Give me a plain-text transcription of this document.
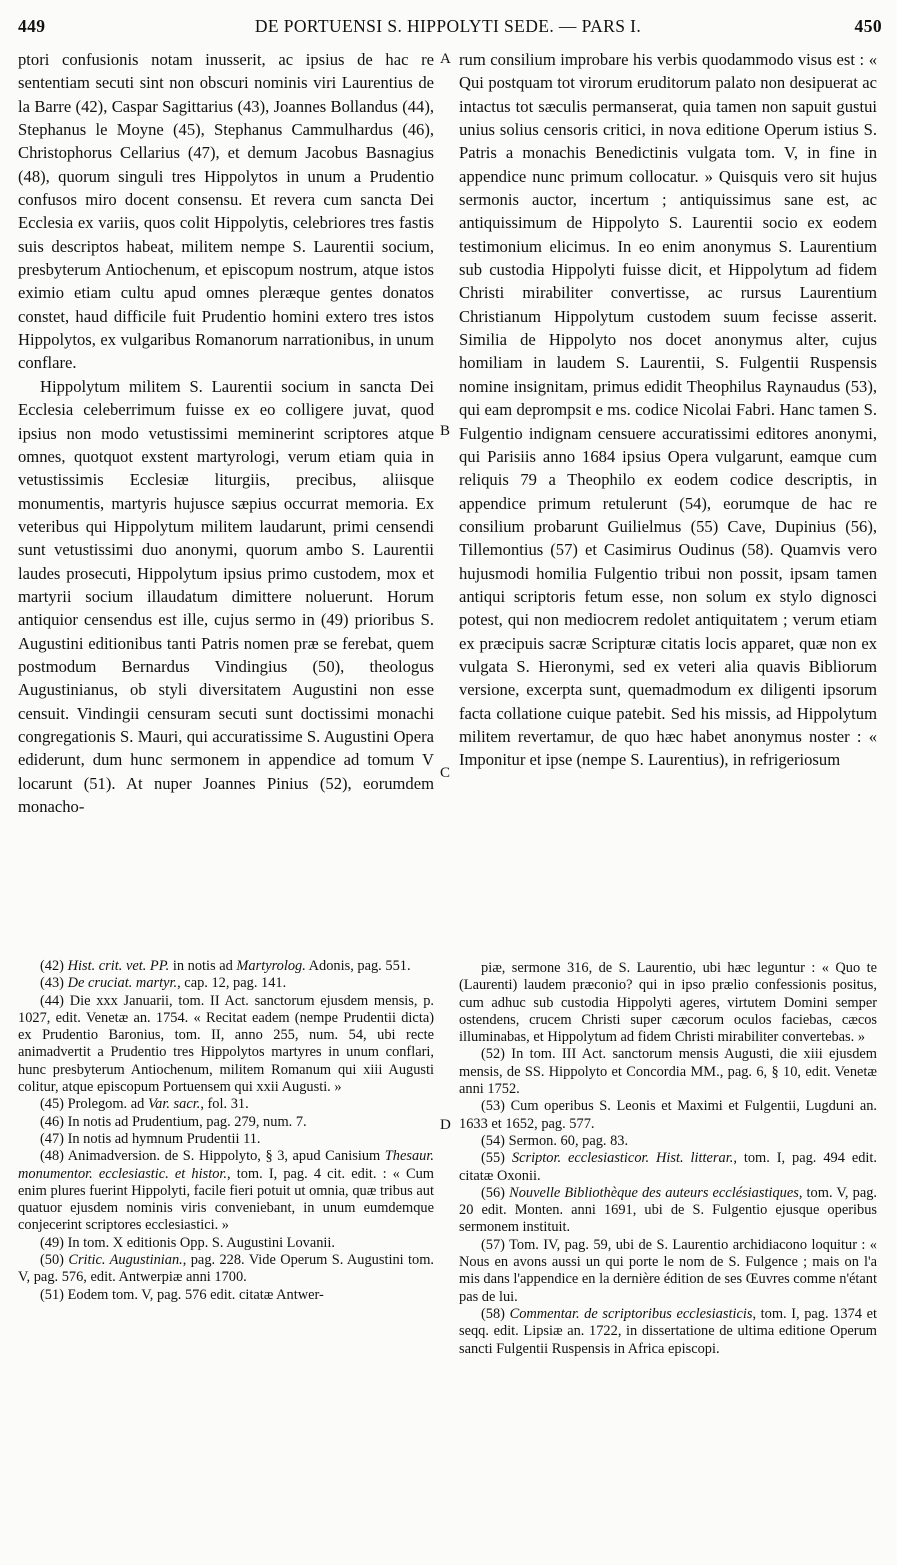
449	DE PORTUENSI S. HIPPOLYTI SEDE. — PARS I.	450
A
B
C
D

ptori confusionis notam inusserit, ac ipsius de hac re sententiam secuti sint non obscuri nominis viri Laurentius de la Barre (42), Caspar Sagittarius (43), Joannes Bollandus (44), Stephanus le Moyne (45), Stephanus Cammulhardus (46), Christophorus Cellarius (47), et demum Jacobus Basnagius (48), quorum singuli tres Hippolytos in unum a Prudentio confusos miro docent consensu. Et revera cum sancta Dei Ecclesia ex variis, quos colit Hippolytis, celebriores tres fastis suis descriptos habeat, militem nempe S. Laurentii socium, presbyterum Antiochenum, et episcopum nostrum, atque istos eximio etiam cultu apud omnes pleræque gentes donatos constet, haud difficile fuit Prudentio homini extero tres istos Hippolytos, ex vulgaribus Romanorum narrationibus, in unum conflare.

Hippolytum militem S. Laurentii socium in sancta Dei Ecclesia celeberrimum fuisse ex eo colligere juvat, quod ipsius non modo vetustissimi meminerint scriptores atque omnes, quotquot exstent martyrologi, verum etiam quia in vetustissimis Ecclesiæ liturgiis, precibus, aliisque monumentis, martyris hujusce sæpius occurrat memoria. Ex veteribus qui Hippolytum militem laudarunt, primi censendi sunt vetustissimi duo anonymi, quorum ambo S. Laurentii laudes prosecuti, Hippolytum ipsius primo custodem, mox et martyrii socium illaudatum dimittere noluerunt. Horum antiquior censendus est ille, cujus sermo in (49) prioribus S. Augustini editionibus tanti Patris nomen præ se ferebat, quem postmodum Bernardus Vindingius (50), theologus Augustinianus, ob styli diversitatem Augustini non esse censuit. Vindingii censuram secuti sunt doctissimi monachi congregationis S. Mauri, qui accuratissime S. Augustini Opera ediderunt, dum hunc sermonem in appendice ad tomum V locarunt (51). At nuper Joannes Pinius (52), eorumdem monacho-

rum consilium improbare his verbis quodammodo visus est : « Qui postquam tot virorum eruditorum palato non desipuerat ac intactus tot sæculis permanserat, quia tamen non sapuit gustui unius solius censoris critici, in nova editione Operum istius S. Patris a monachis Benedictinis vulgata tom. V, in fine in appendice nunc primum collocatur. » Quisquis vero sit hujus sermonis auctor, incertum ; antiquissimus sane est, ac antiquissimum de Hippolyto S. Laurentii socio ex eodem testimonium elicimus. In eo enim anonymus S. Laurentium sub custodia Hippolyti fuisse dicit, et Hippolytum ad fidem Christi mirabiliter convertisse, ac rursus Laurentium Christianum Hippolytum custodem suum fecisse asserit. Similia de Hippolyto nos docet anonymus alter, cujus homiliam in laudem S. Laurentii, S. Fulgentii Ruspensis nomine insignitam, primus edidit Theophilus Raynaudus (53), qui eam deprompsit e ms. codice Nicolai Fabri. Hanc tamen S. Fulgentio indignam censuere accuratissimi editores anonymi, qui Parisiis anno 1684 ipsius Opera vulgarunt, eamque cum reliquis 79 a Theophilo ex eodem codice descriptis, in appendice primum retulerunt (54), eorumque de hac re consilium probarunt Guilielmus (55) Cave, Dupinius (56), Tillemontius (57) et Casimirus Oudinus (58). Quamvis vero hujusmodi homilia Fulgentio tribui non possit, ipsam tamen antiqui scriptoris fetum esse, non solum ex stylo dignosci potest, qui non mediocrem redolet antiquitatem ; verum etiam ex præcipuis sacræ Scripturæ citatis locis apparet, quæ non ex vulgata S. Hieronymi, sed ex veteri alia quavis Bibliorum versione, excerpta sunt, quemadmodum ex diligenti ipsorum facta collatione cuique patebit. Sed his missis, ad Hippolytum militem revertamur, de quo hæc habet anonymus noster : « Imponitur et ipse (nempe S. Laurentius), in refrigeriosum

(42) Hist. crit. vet. PP. in notis ad Martyrolog. Adonis, pag. 551.

(43) De cruciat. martyr., cap. 12, pag. 141.

(44) Die xxx Januarii, tom. II Act. sanctorum ejusdem mensis, p. 1027, edit. Venetæ an. 1754. « Recitat eadem (nempe Prudentii dicta) ex Prudentio Baronius, tom. II, anno 255, num. 54, ubi recte animadvertit a Prudentio tres Hippolytos martyres in unum conflari, hunc presbyterum Antiochenum, militem Romanum qui xiii Augusti colitur, atque episcopum Portuensem qui xxii Augusti. »

(45) Prolegom. ad Var. sacr., fol. 31.

(46) In notis ad Prudentium, pag. 279, num. 7.

(47) In notis ad hymnum Prudentii 11.

(48) Animadversion. de S. Hippolyto, § 3, apud Canisium Thesaur. monumentor. ecclesiastic. et histor., tom. I, pag. 4 cit. edit. : « Cum enim plures fuerint Hippolyti, facile fieri potuit ut omnia, quæ tribus aut quatuor ejusdem nominis viris conveniebant, in unum eumdemque conjecerint scriptores ecclesiastici. »

(49) In tom. X editionis Opp. S. Augustini Lovanii.

(50) Critic. Augustinian., pag. 228. Vide Operum S. Augustini tom. V, pag. 576, edit. Antwerpiæ anni 1700.

(51) Eodem tom. V, pag. 576 edit. citatæ Antwer-

piæ, sermone 316, de S. Laurentio, ubi hæc leguntur : « Quo te (Laurenti) laudem præconio? qui in ipso prælio confessionis positus, cum adhuc sub custodia Hippolyti ageres, virtutem Domini semper ostendens, crucem Christi super cæcorum oculos faciebas, cæcos illuminabas, et Hippolytum ad fidem Christi mirabiliter convertebas. »

(52) In tom. III Act. sanctorum mensis Augusti, die xiii ejusdem mensis, de SS. Hippolyto et Concordia MM., pag. 6, § 10, edit. Venetæ anni 1752.

(53) Cum operibus S. Leonis et Maximi et Fulgentii, Lugduni an. 1633 et 1652, pag. 577.

(54) Sermon. 60, pag. 83.

(55) Scriptor. ecclesiasticor. Hist. litterar., tom. I, pag. 494 edit. citatæ Oxonii.

(56) Nouvelle Bibliothèque des auteurs ecclésiastiques, tom. V, pag. 20 edit. Monten. anni 1691, ubi de S. Fulgentio ejusque operibus sermonem instituit.

(57) Tom. IV, pag. 59, ubi de S. Laurentio archidiacono loquitur : « Nous en avons aussi un qui porte le nom de S. Fulgence ; mais on l'a mis dans l'appendice en la dernière édition de ses Œuvres comme n'étant pas de lui.

(58) Commentar. de scriptoribus ecclesiasticis, tom. I, pag. 1374 et seqq. edit. Lipsiæ an. 1722, in dissertatione de ultima editione Operum sancti Fulgentii Ruspensis in Africa episcopi.
